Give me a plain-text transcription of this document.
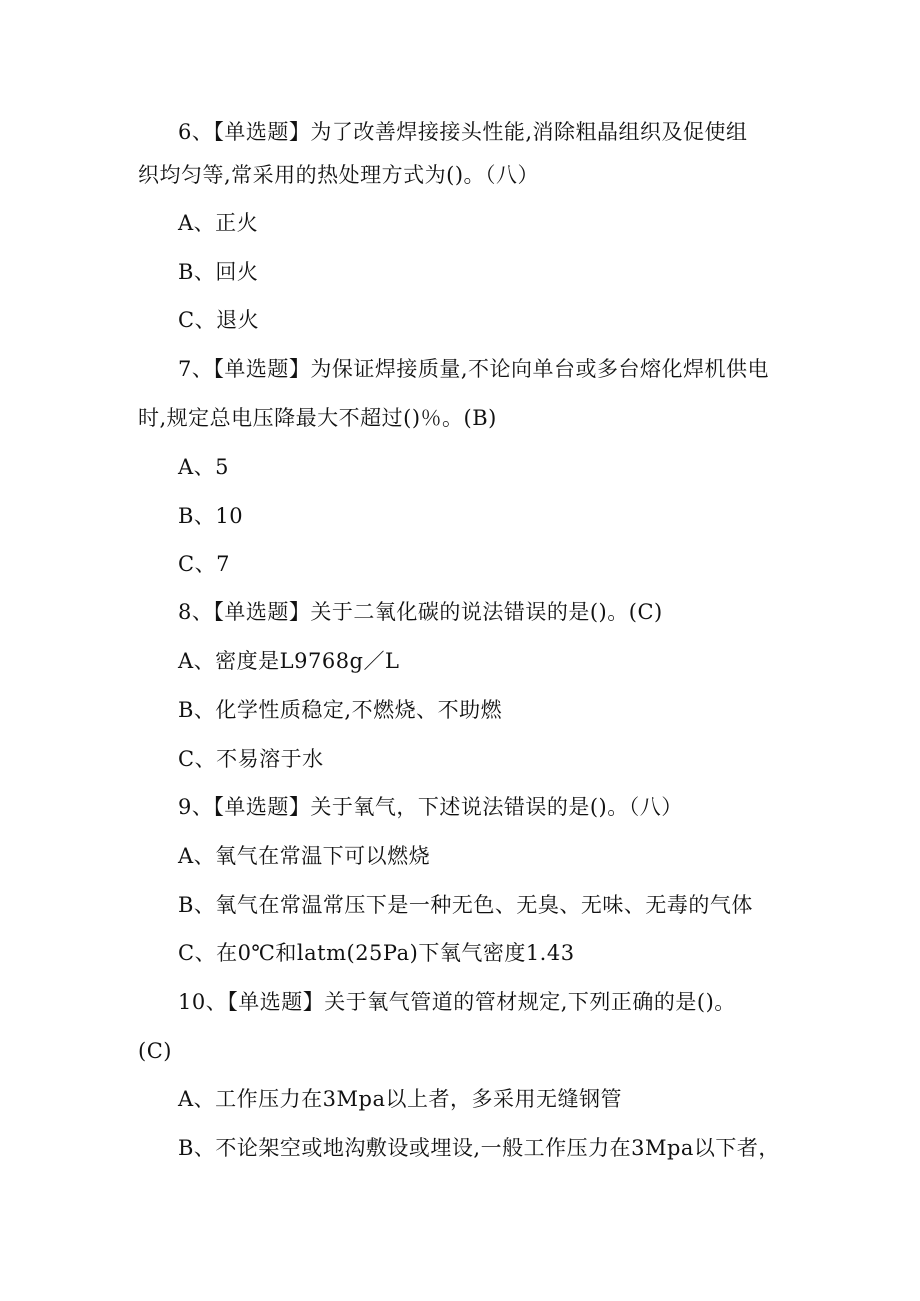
6、【单选题】为了改善焊接接头性能,消除粗晶组织及促使组
织均匀等,常采用的热处理方式为()。（八）
A、正火
B、回火
C、退火
7、【单选题】为保证焊接质量,不论向单台或多台熔化焊机供电
时,规定总电压降最大不超过()％。(B)
A、5
B、10
C、7
8、【单选题】关于二氧化碳的说法错误的是()。(C)
A、密度是L9768g／L
B、化学性质稳定,不燃烧、不助燃
C、不易溶于水
9、【单选题】关于氧气，下述说法错误的是()。（八）
A、氧气在常温下可以燃烧
B、氧气在常温常压下是一种无色、无臭、无味、无毒的气体
C、在0℃和latm(25Pa)下氧气密度1.43
10、【单选题】关于氧气管道的管材规定,下列正确的是()。
(C)
A、工作压力在3Mpa以上者，多采用无缝钢管
B、不论架空或地沟敷设或埋设,一般工作压力在3Mpa以下者，
